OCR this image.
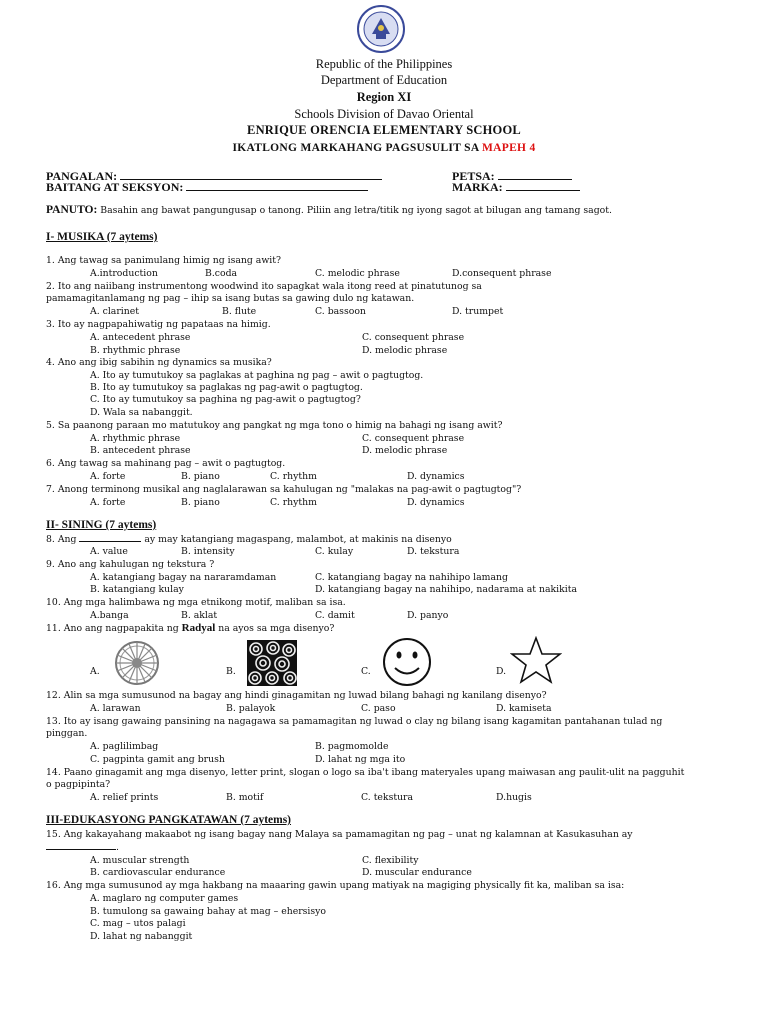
Republic of the Philippines
Department of Education
Region XI
Schools Division of Davao Oriental
ENRIQUE ORENCIA ELEMENTARY SCHOOL
IKATLONG MARKAHANG PAGSUSULIT SA MAPEH 4
PANGALAN:	PETSA:
BAITANG AT SEKSYON:	MARKA:
PANUTO: Basahin ang bawat pangungusap o tanong. Piliin ang letra/titik ng iyong sagot at bilugan ang tamang sagot.
I- MUSIKA (7 aytems)
1. Ang tawag sa panimulang himig ng isang awit?
A.introduction	B.coda	C. melodic phrase	D.consequent phrase
2. Ito ang naiibang instrumentong woodwind ito sapagkat wala itong reed at pinatutunog sa
pamamagitanlamang ng pag – ihip sa isang butas sa gawing dulo ng katawan.
A. clarinet	B. flute	C. bassoon	D. trumpet
3. Ito ay nagpapahiwatig ng papataas na himig.
A. antecedent phrase	C. consequent phrase
B. rhythmic phrase	D. melodic phrase
4. Ano ang ibig sabihin ng dynamics sa musika?
A. Ito ay tumutukoy sa paglakas at paghina ng pag – awit o pagtugtog.
B. Ito ay tumutukoy sa paglakas ng pag-awit o pagtugtog.
C. Ito ay tumutukoy sa paghina ng pag-awit o pagtugtog?
D. Wala sa nabanggit.
5. Sa paanong paraan mo matutukoy ang pangkat ng mga tono o himig na bahagi ng isang awit?
A. rhythmic phrase	C. consequent phrase
B. antecedent phrase	D. melodic phrase
6. Ang tawag sa mahinang pag – awit o pagtugtog.
A. forte	B. piano	C. rhythm	D. dynamics
7. Anong terminong musikal ang naglalarawan sa kahulugan ng "malakas na pag-awit o pagtugtog"?
A. forte	B. piano	C. rhythm	D. dynamics
II- SINING (7 aytems)
8. Ang	ay may katangiang magaspang, malambot, at makinis na disenyo
A. value	B. intensity	C. kulay	D. tekstura
9. Ano ang kahulugan ng tekstura ?
A. katangiang bagay na nararamdaman	C. katangiang bagay na nahihipo lamang
B. katangiang kulay	D. katangiang bagay na nahihipo, nadarama at nakikita
10. Ang mga halimbawa ng mga etnikong motif, maliban sa isa.
A.banga	B. aklat	C. damit	D. panyo
11. Ano ang nagpapakita ng Radyal na ayos sa mga disenyo?
A.	B.	C.	D.
12. Alin sa mga sumusunod na bagay ang hindi ginagamitan ng luwad bilang bahagi ng kanilang disenyo?
A. larawan	B. palayok	C. paso	D. kamiseta
13. Ito ay isang gawaing pansining na nagagawa sa pamamagitan ng luwad o clay ng bilang isang kagamitan pantahanan tulad ng
pinggan.
A. paglilimbag	B. pagmomolde
C. pagpinta gamit ang brush	D. lahat ng mga ito
14. Paano ginagamit ang mga disenyo, letter print, slogan o logo sa iba't ibang materyales upang maiwasan ang paulit-ulit na pagguhit
o pagpipinta?
A. relief prints	B. motif	C. tekstura	D.hugis
III-EDUKASYONG PANGKATAWAN (7 aytems)
15. Ang kakayahang makaabot ng isang bagay nang Malaya sa pamamagitan ng pag – unat ng kalamnan at Kasukasuhan ay
.
A. muscular strength	C. flexibility
B. cardiovascular endurance	D. muscular endurance
16. Ang mga sumusunod ay mga hakbang na maaaring gawin upang matiyak na magiging physically fit ka, maliban sa isa:
A. maglaro ng computer games
B. tumulong sa gawaing bahay at mag – ehersisyo
C. mag – utos palagi
D. lahat ng nabanggit
